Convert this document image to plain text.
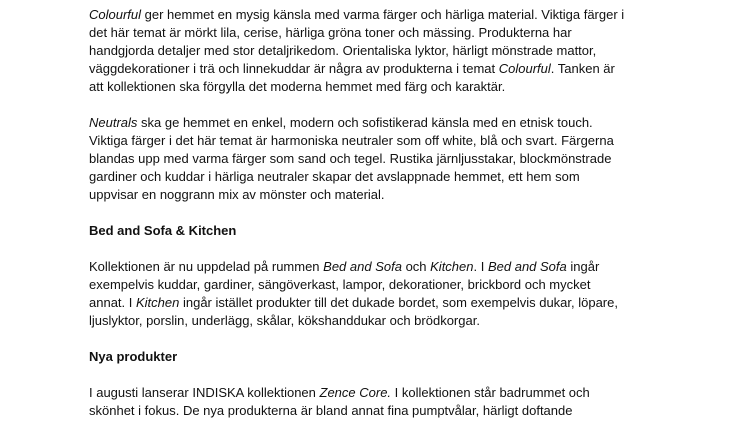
Colourful ger hemmet en mysig känsla med varma färger och härliga material. Viktiga färger i
det här temat är mörkt lila, cerise, härliga gröna toner och mässing. Produkterna har
handgjorda detaljer med stor detaljrikedom. Orientaliska lyktor, härligt mönstrade mattor,
väggdekorationer i trä och linnekuddar är några av produkterna i temat Colourful. Tanken är
att kollektionen ska förgylla det moderna hemmet med färg och karaktär.

Neutrals ska ge hemmet en enkel, modern och sofistikerad känsla med en etnisk touch.
Viktiga färger i det här temat är harmoniska neutraler som off white, blå och svart. Färgerna
blandas upp med varma färger som sand och tegel. Rustika järnljusstakar, blockmönstrade
gardiner och kuddar i härliga neutraler skapar det avslappnade hemmet, ett hem som
uppvisar en noggrann mix av mönster och material.

Bed and Sofa & Kitchen

Kollektionen är nu uppdelad på rummen Bed and Sofa och Kitchen. I Bed and Sofa ingår
exempelvis kuddar, gardiner, sängöverkast, lampor, dekorationer, brickbord och mycket
annat. I Kitchen ingår istället produkter till det dukade bordet, som exempelvis dukar, löpare,
ljuslyktor, porslin, underlägg, skålar, kökshanddukar och brödkorgar.

Nya produkter

I augusti lanserar INDISKA kollektionen Zence Core. I kollektionen står badrummet och
skönhet i fokus. De nya produkterna är bland annat fina pumptvålar, härligt doftande
